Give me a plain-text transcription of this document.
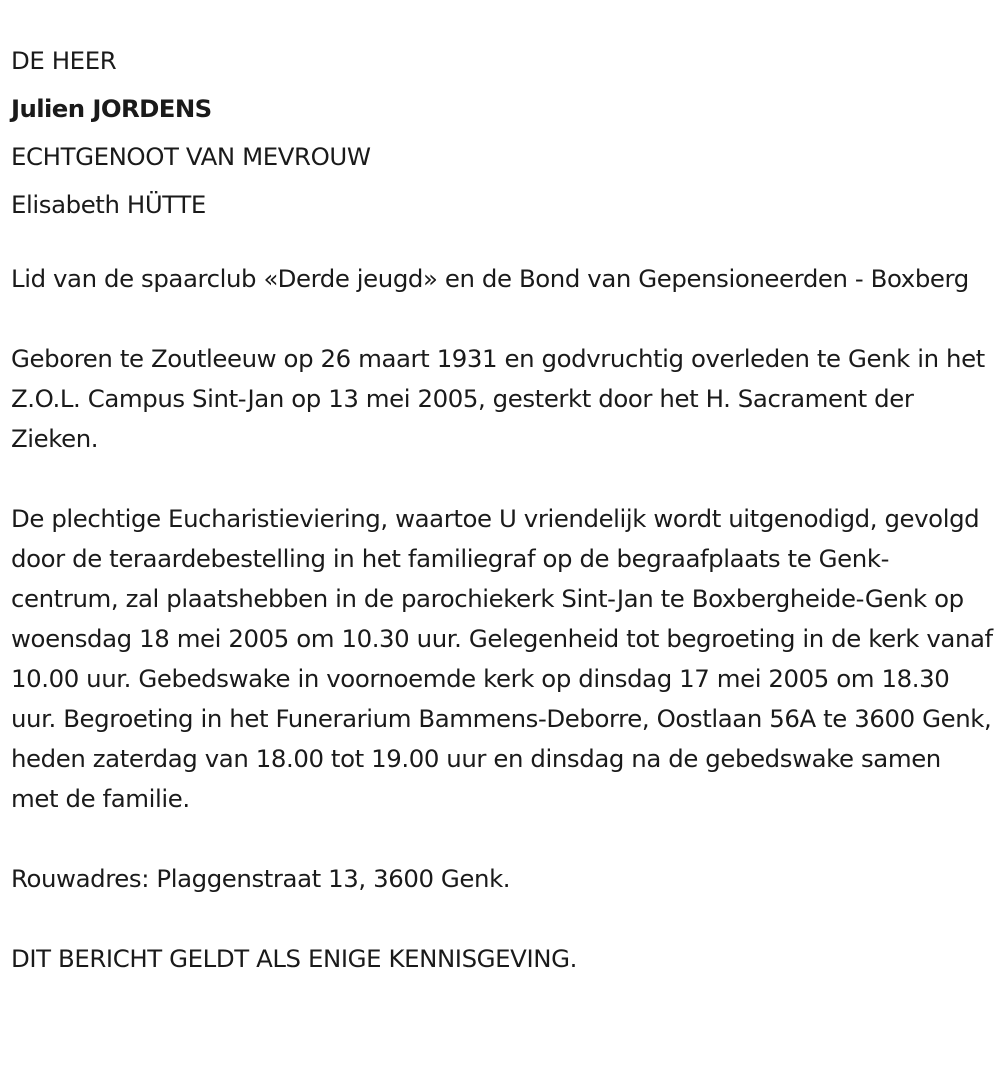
DE HEER

Julien JORDENS

ECHTGENOOT VAN MEVROUW

Elisabeth HÜTTE

Lid van de spaarclub «Derde jeugd» en de Bond van Gepensioneerden - Boxberg

Geboren te Zoutleeuw op 26 maart 1931 en godvruchtig overleden te Genk in het Z.O.L. Campus Sint-Jan op 13 mei 2005, gesterkt door het H. Sacrament der Zieken.

De plechtige Eucharistieviering, waartoe U vriendelijk wordt uitgenodigd, gevolgd door de teraardebestelling in het familiegraf op de begraafplaats te Genk-centrum, zal plaatshebben in de parochiekerk Sint-Jan te Boxbergheide-Genk op woensdag 18 mei 2005 om 10.30 uur. Gelegenheid tot begroeting in de kerk vanaf 10.00 uur. Gebedswake in voornoemde kerk op dinsdag 17 mei 2005 om 18.30 uur. Begroeting in het Funerarium Bammens-Deborre, Oostlaan 56A te 3600 Genk, heden zaterdag van 18.00 tot 19.00 uur en dinsdag na de gebedswake samen met de familie.

Rouwadres: Plaggenstraat 13, 3600 Genk.

DIT BERICHT GELDT ALS ENIGE KENNISGEVING.
